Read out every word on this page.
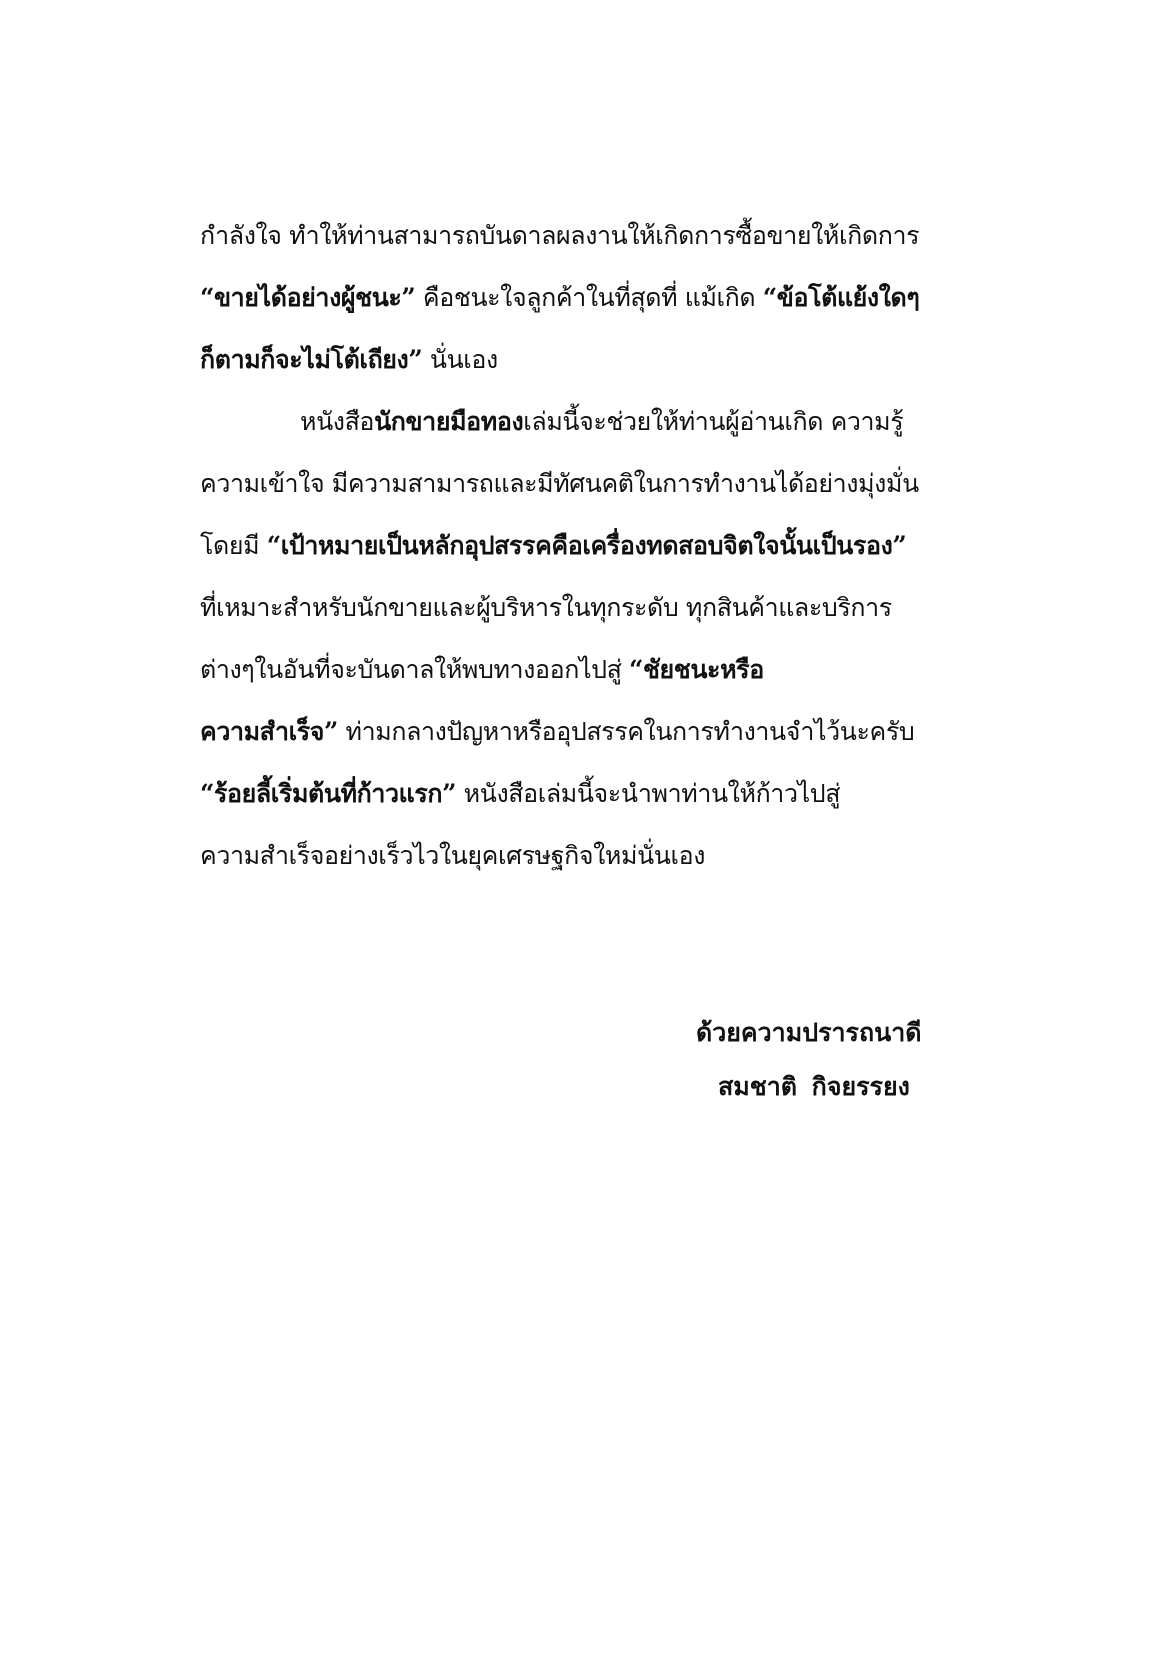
กำลังใจ ทำให้ท่านสามารถบันดาลผลงานให้เกิดการซื้อขายให้เกิดการ
“ขายได้อย่างผู้ชนะ” คือชนะใจลูกค้าในที่สุดที่ แม้เกิด “ข้อโต้แย้งใดๆ
ก็ตามก็จะไม่โต้เถียง” นั่นเอง
หนังสือนักขายมือทองเล่มนี้จะช่วยให้ท่านผู้อ่านเกิด ความรู้
ความเข้าใจ มีความสามารถและมีทัศนคติในการทำงานได้อย่างมุ่งมั่น
โดยมี “เป้าหมายเป็นหลักอุปสรรคคือเครื่องทดสอบจิตใจนั้นเป็นรอง”
ที่เหมาะสำหรับนักขายและผู้บริหารในทุกระดับ ทุกสินค้าและบริการ
ต่างๆในอันที่จะบันดาลให้พบทางออกไปสู่ “ชัยชนะหรือ
ความสำเร็จ” ท่ามกลางปัญหาหรืออุปสรรคในการทำงานจำไว้นะครับ
“ร้อยลี้เริ่มต้นที่ก้าวแรก” หนังสือเล่มนี้จะนำพาท่านให้ก้าวไปสู่
ความสำเร็จอย่างเร็วไวในยุคเศรษฐกิจใหม่นั่นเอง
ด้วยความปรารถนาดี
สมชาติ กิจยรรยง
